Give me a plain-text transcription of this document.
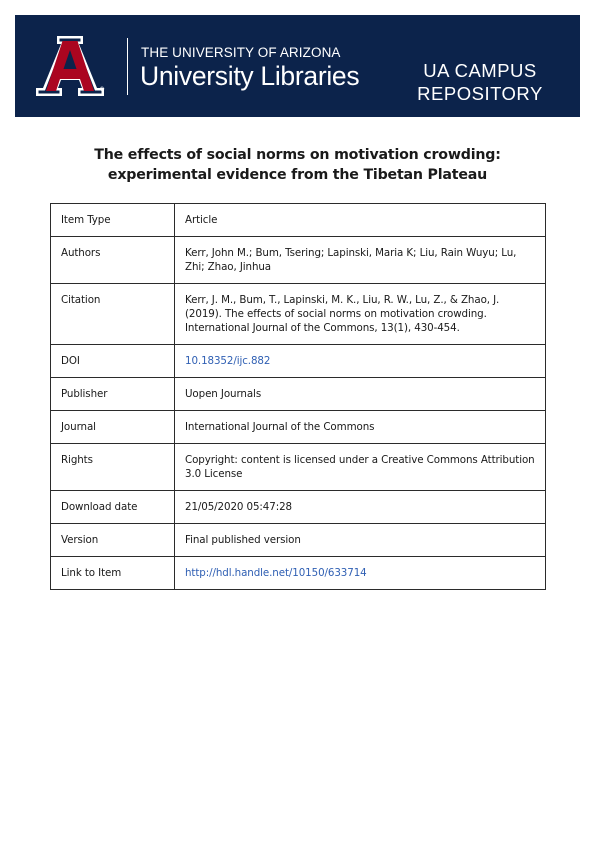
®
THE UNIVERSITY OF ARIZONA
University Libraries	UA CAMPUS
REPOSITORY
The effects of social norms on motivation crowding:
experimental evidence from the Tibetan Plateau
Item Type	Article
Authors	Kerr, John M.; Bum, Tsering; Lapinski, Maria K; Liu, Rain Wuyu; Lu, Zhi; Zhao, Jinhua
Citation	Kerr, J. M., Bum, T., Lapinski, M. K., Liu, R. W., Lu, Z., & Zhao, J. (2019). The effects of social norms on motivation crowding. International Journal of the Commons, 13(1), 430-454.
DOI	10.18352/ijc.882
Publisher	Uopen Journals
Journal	International Journal of the Commons
Rights	Copyright: content is licensed under a Creative Commons Attribution 3.0 License
Download date	21/05/2020 05:47:28
Version	Final published version
Link to Item	http://hdl.handle.net/10150/633714
